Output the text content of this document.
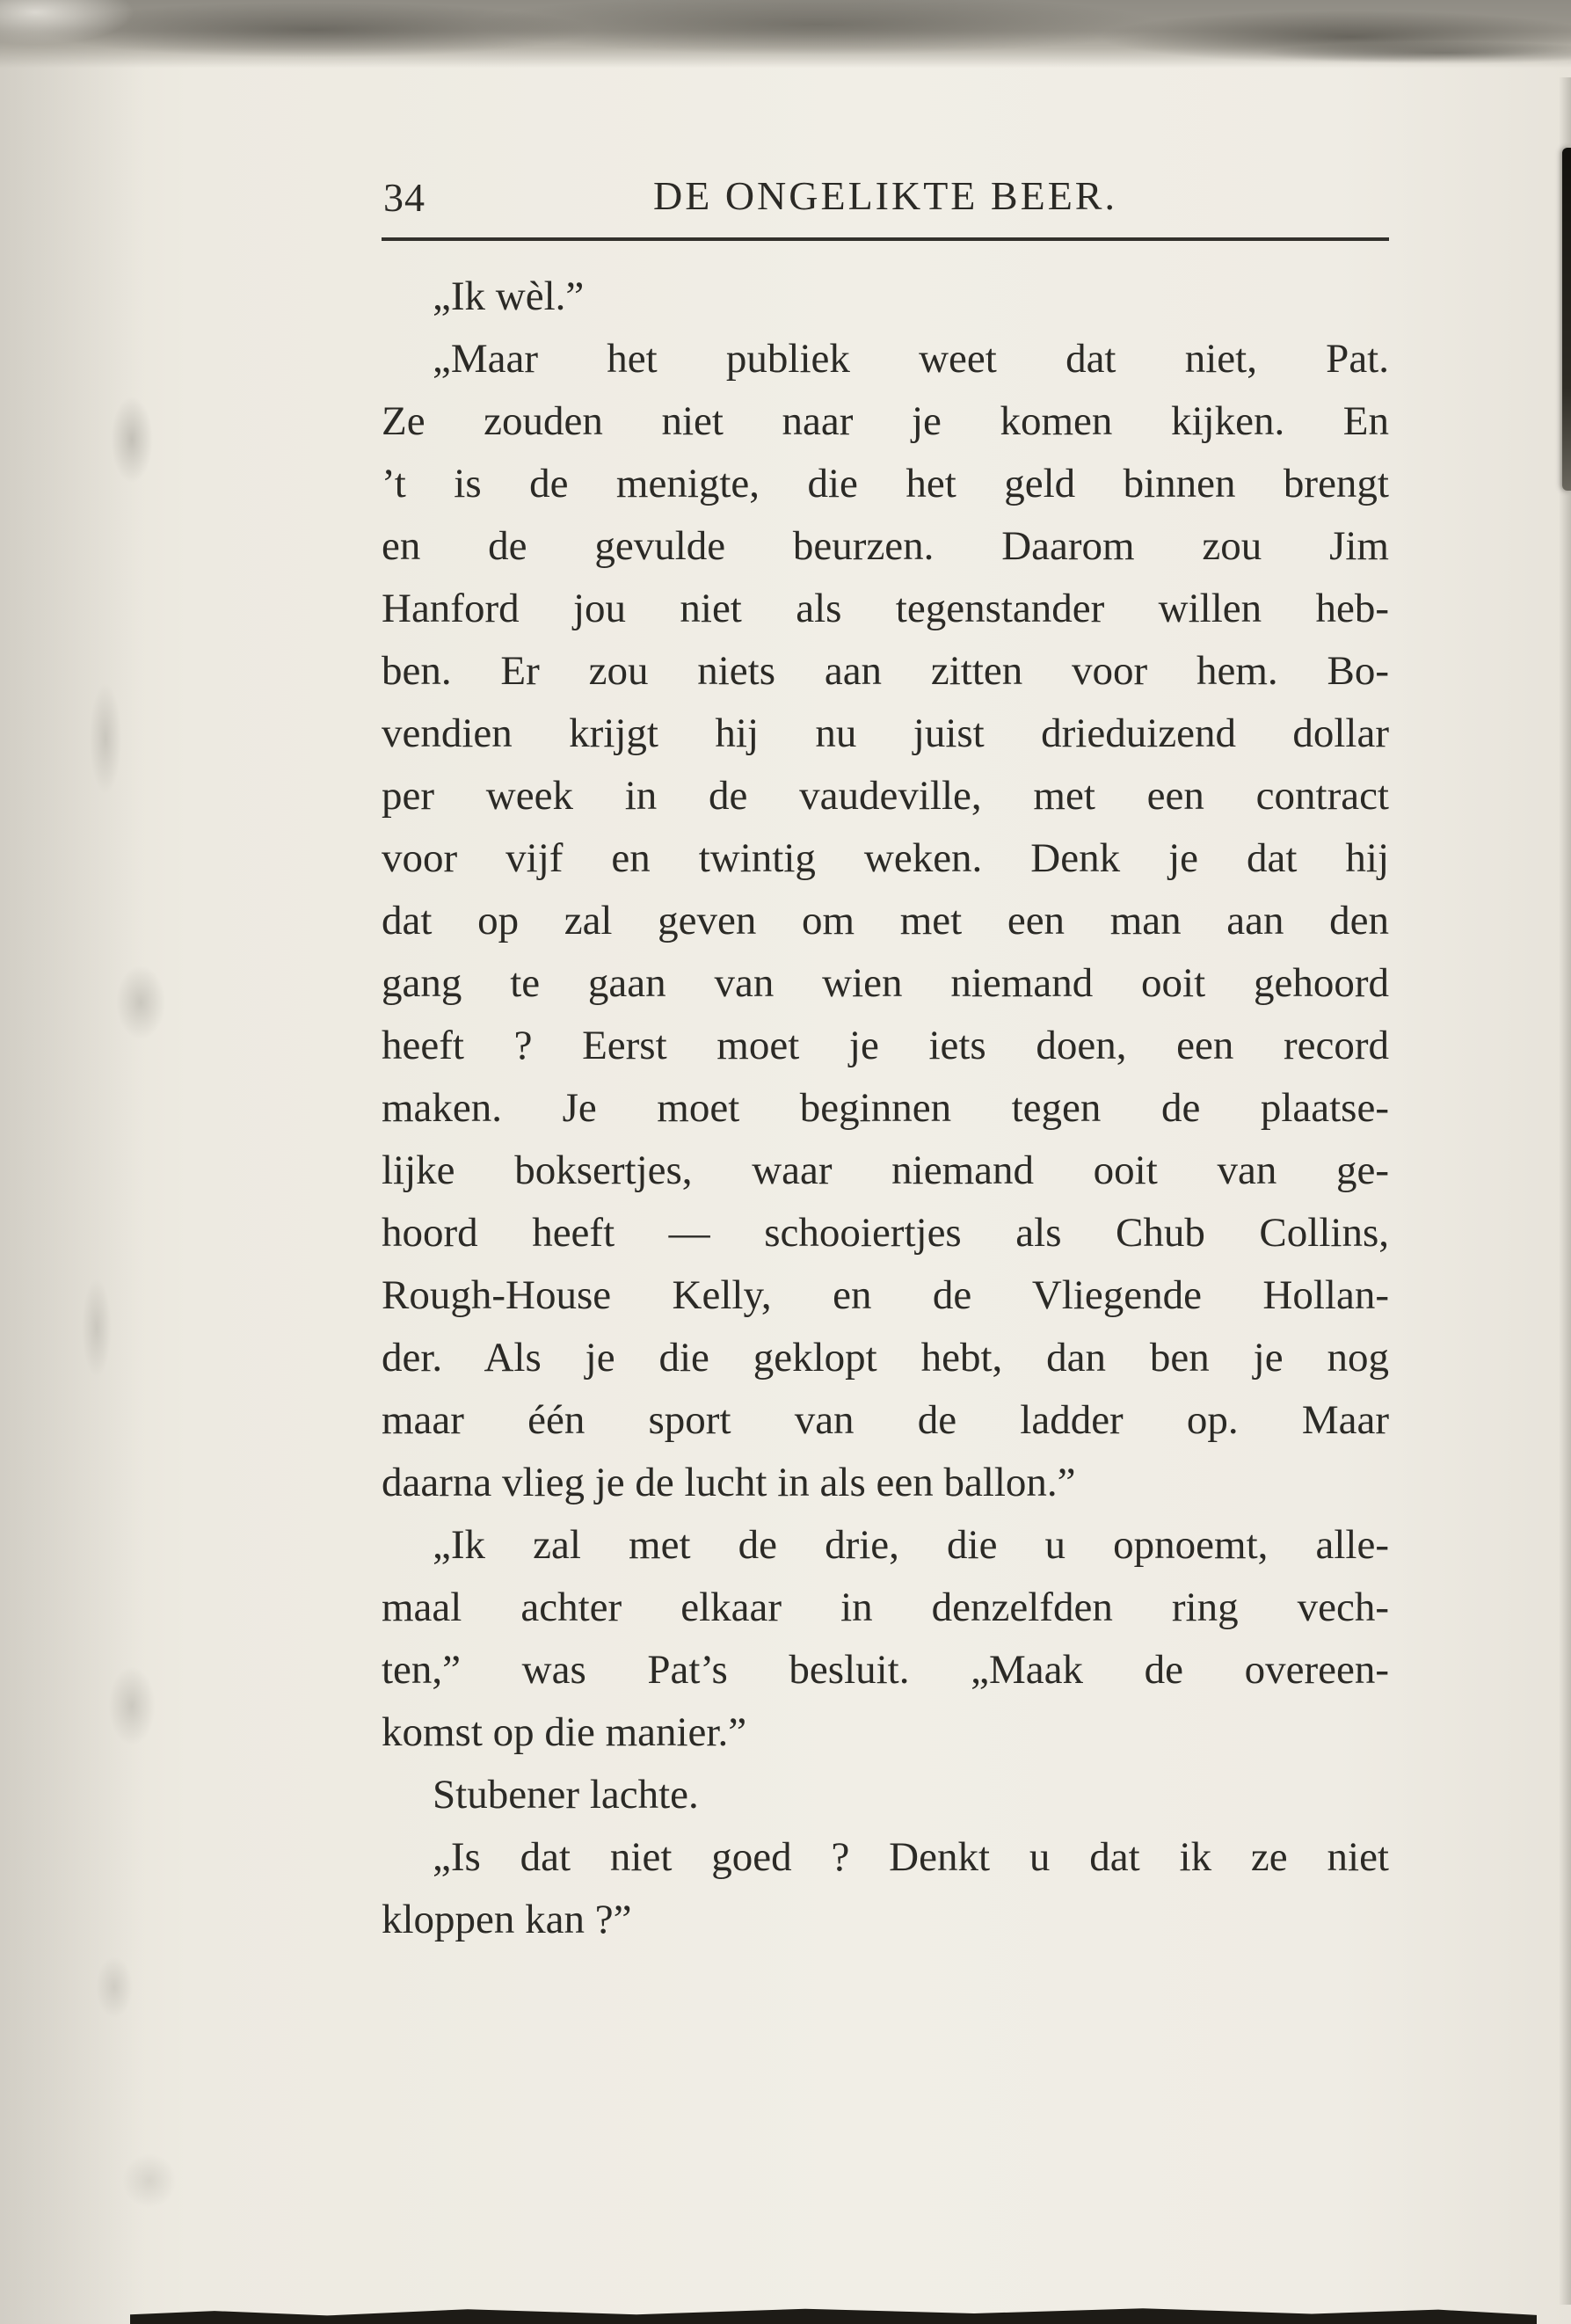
34	DE ONGELIKTE BEER.
„Ik wèl.”
„Maar het publiek weet dat niet, Pat.
Ze zouden niet naar je komen kijken. En
’t is de menigte, die het geld binnen brengt
en de gevulde beurzen. Daarom zou Jim
Hanford jou niet als tegenstander willen heb-
ben. Er zou niets aan zitten voor hem. Bo-
vendien krijgt hij nu juist drieduizend dollar
per week in de vaudeville, met een contract
voor vijf en twintig weken. Denk je dat hij
dat op zal geven om met een man aan den
gang te gaan van wien niemand ooit gehoord
heeft ? Eerst moet je iets doen, een record
maken. Je moet beginnen tegen de plaatse-
lijke boksertjes, waar niemand ooit van ge-
hoord heeft — schooiertjes als Chub Collins,
Rough-House Kelly, en de Vliegende Hollan-
der. Als je die geklopt hebt, dan ben je nog
maar één sport van de ladder op. Maar
daarna vlieg je de lucht in als een ballon.”
„Ik zal met de drie, die u opnoemt, alle-
maal achter elkaar in denzelfden ring vech-
ten,” was Pat’s besluit. „Maak de overeen-
komst op die manier.”
Stubener lachte.
„Is dat niet goed ? Denkt u dat ik ze niet
kloppen kan ?”
